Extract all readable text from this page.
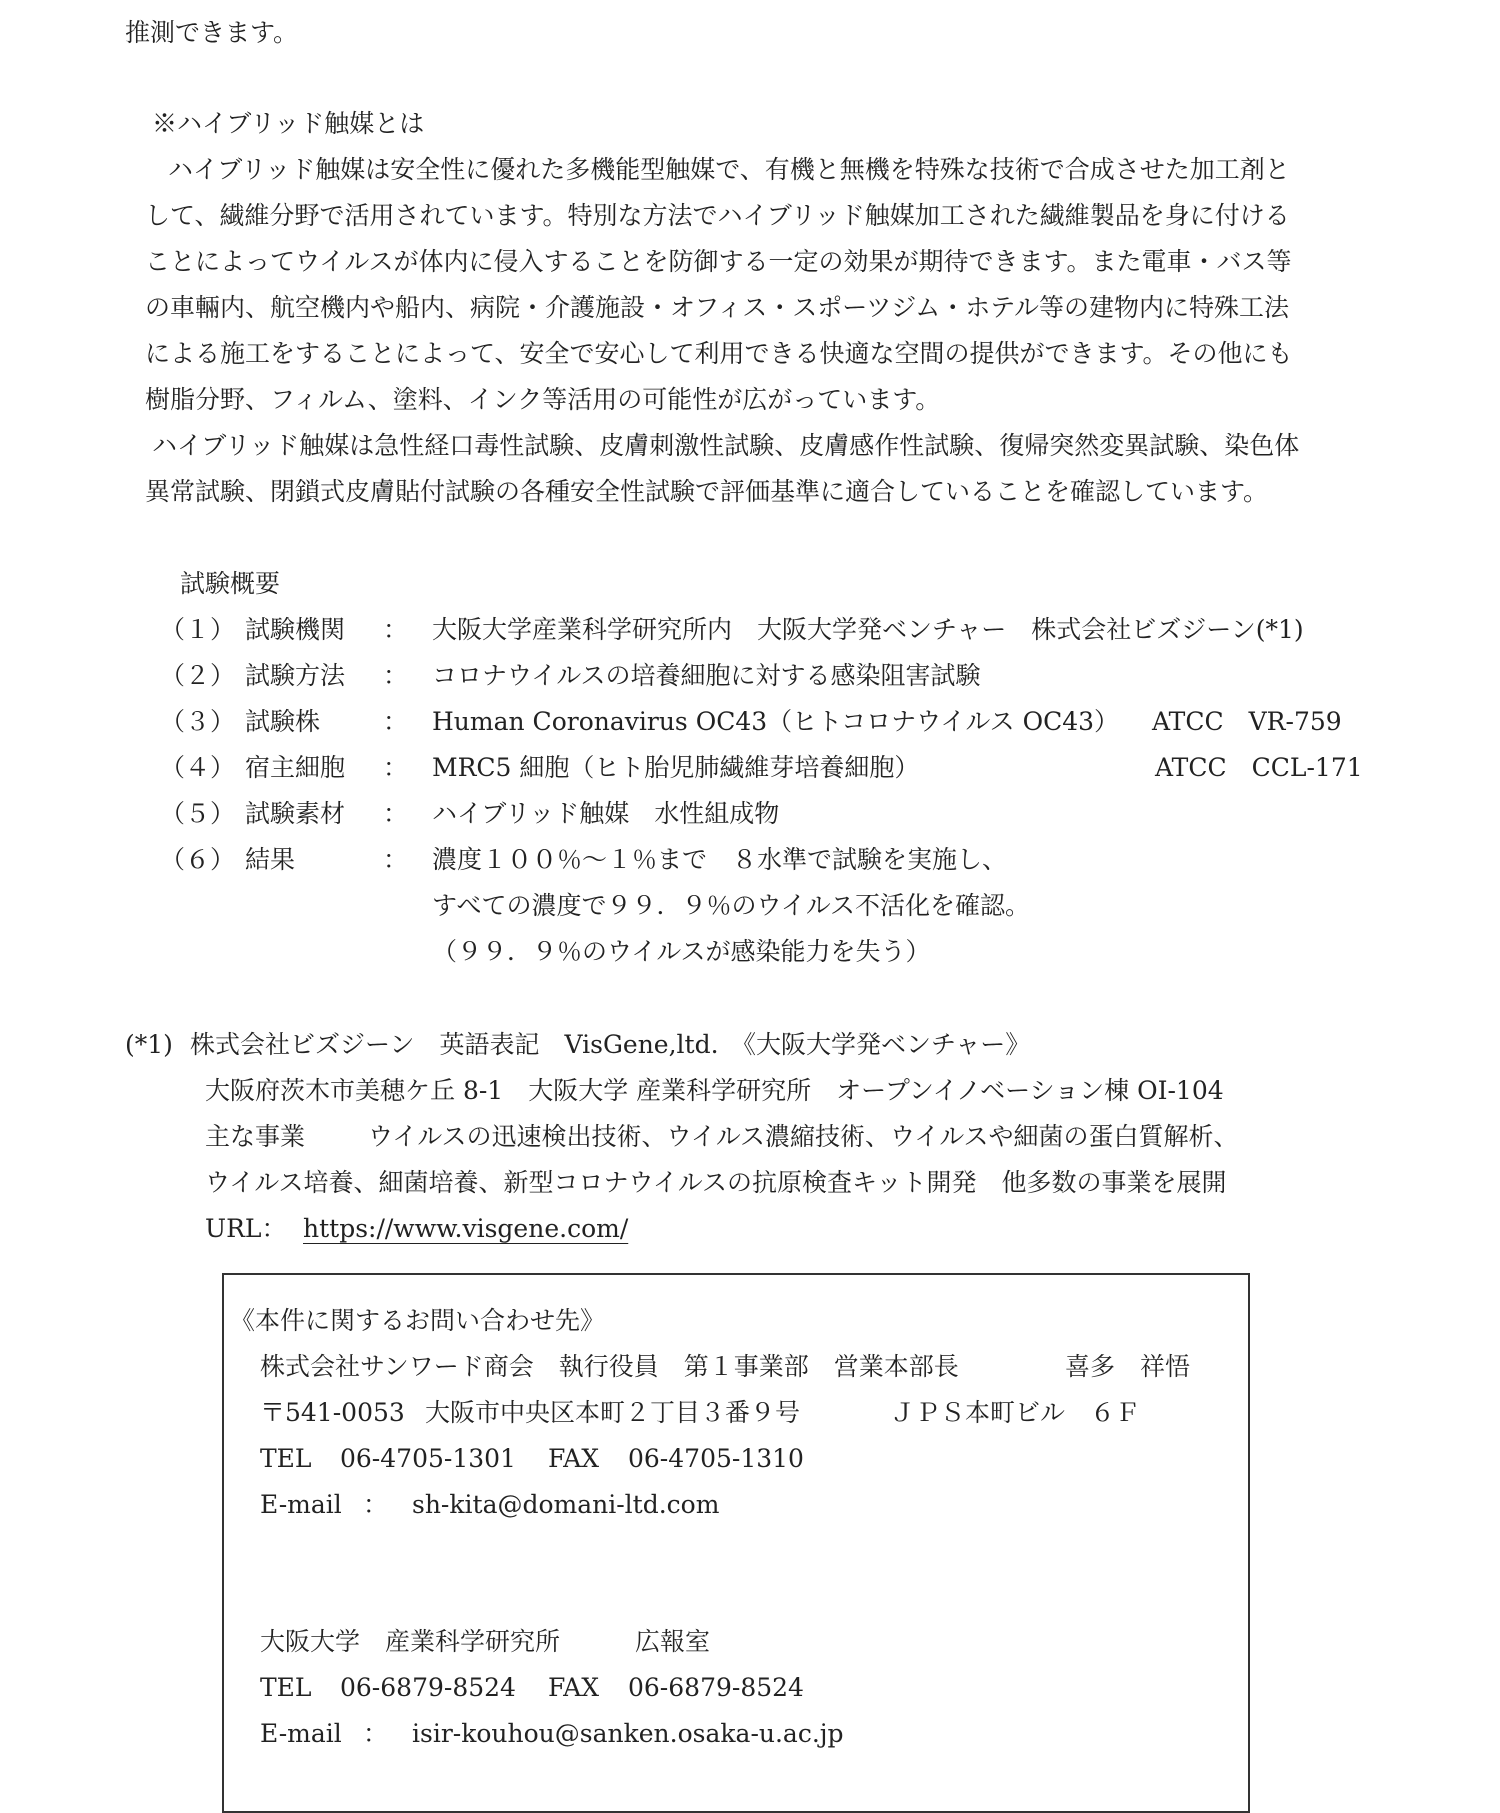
推測できます。
※ハイブリッド触媒とは
ハイブリッド触媒は安全性に優れた多機能型触媒で、有機と無機を特殊な技術で合成させた加工剤と
して、繊維分野で活用されています。特別な方法でハイブリッド触媒加工された繊維製品を身に付ける
ことによってウイルスが体内に侵入することを防御する一定の効果が期待できます。また電車・バス等
の車輛内、航空機内や船内、病院・介護施設・オフィス・スポーツジム・ホテル等の建物内に特殊工法
による施工をすることによって、安全で安心して利用できる快適な空間の提供ができます。その他にも
樹脂分野、フィルム、塗料、インク等活用の可能性が広がっています。
ハイブリッド触媒は急性経口毒性試験、皮膚刺激性試験、皮膚感作性試験、復帰突然変異試験、染色体
異常試験、閉鎖式皮膚貼付試験の各種安全性試験で評価基準に適合していることを確認しています。
試験概要
（１） 試験機関 ： 大阪大学産業科学研究所内　大阪大学発ベンチャー　株式会社ビズジーン(*1)
（２） 試験方法 ： コロナウイルスの培養細胞に対する感染阻害試験
（３） 試験株	： Human Coronavirus OC43（ヒトコロナウイルス OC43） ATCC　VR-759
（４） 宿主細胞 ： MRC5 細胞（ヒト胎児肺繊維芽培養細胞）	ATCC　CCL-171
（５） 試験素材 ： ハイブリッド触媒　水性組成物
（６） 結果	： 濃度１００％～１％まで　８水準で試験を実施し、
すべての濃度で９９．９％のウイルス不活化を確認。
（９９．９％のウイルスが感染能力を失う）
(*1) 株式会社ビズジーン　英語表記　VisGene,ltd.　《大阪大学発ベンチャー》
大阪府茨木市美穂ケ丘 8-1　大阪大学 産業科学研究所　オープンイノベーション棟 OI-104
主な事業	ウイルスの迅速検出技術、ウイルス濃縮技術、ウイルスや細菌の蛋白質解析、
ウイルス培養、細菌培養、新型コロナウイルスの抗原検査キット開発　他多数の事業を展開
URL： https://www.visgene.com/
《本件に関するお問い合わせ先》
株式会社サンワード商会　執行役員　第１事業部　営業本部長	喜多　祥悟
〒541-0053 大阪市中央区本町２丁目３番９号	ＪＰＳ本町ビル　６Ｆ
TEL 06-4705-1301 FAX 06-4705-1310
E-mail ： sh-kita@domani-ltd.com
大阪大学　産業科学研究所	広報室
TEL 06-6879-8524 FAX 06-6879-8524
E-mail ： isir-kouhou@sanken.osaka-u.ac.jp
